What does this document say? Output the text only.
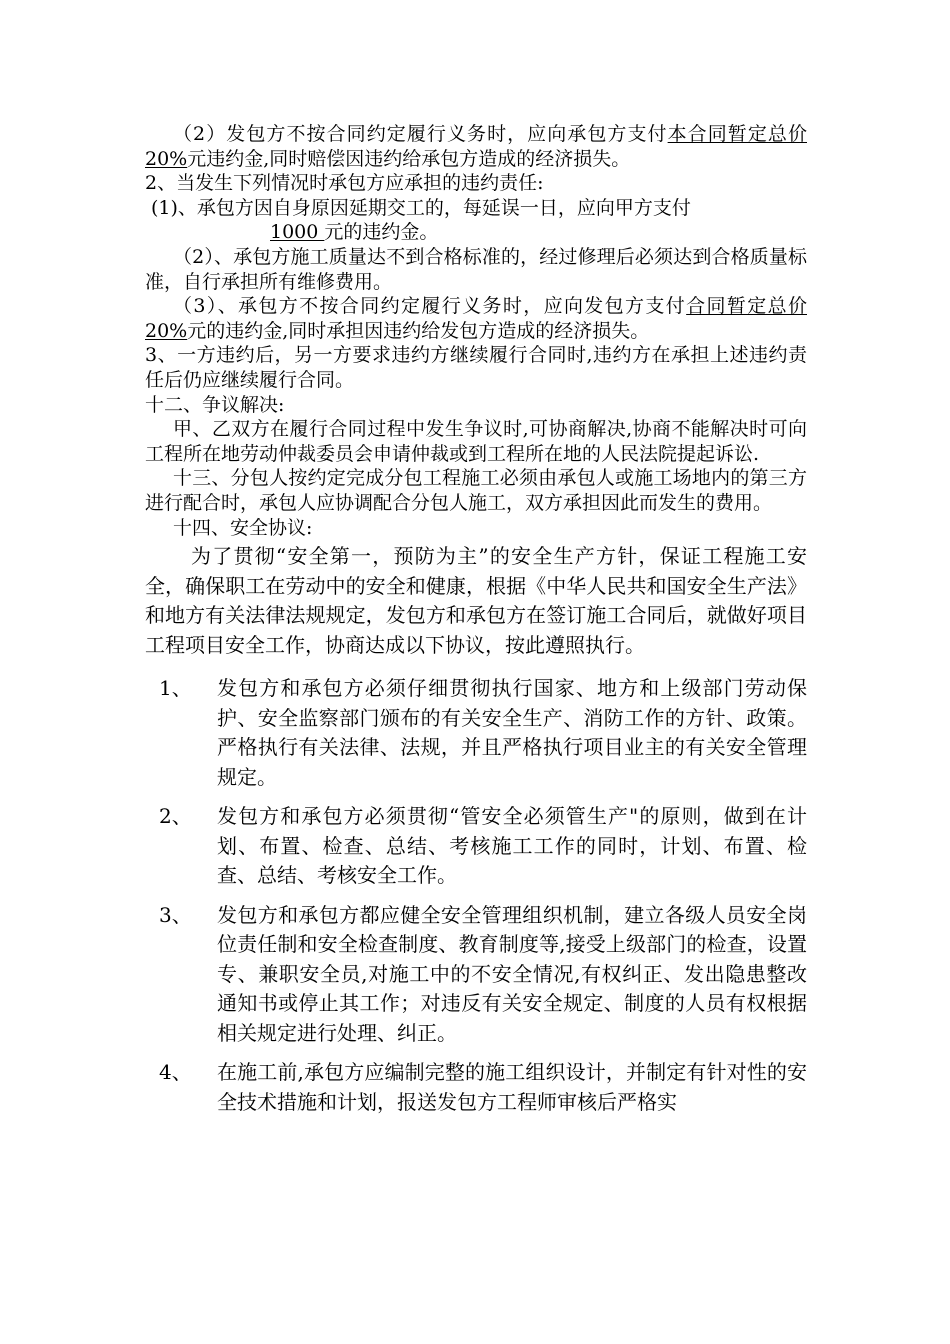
（2）发包方不按合同约定履行义务时，应向承包方支付本合同暂定总价 20%元违约金,同时赔偿因违约给承包方造成的经济损失。

2、当发生下列情况时承包方应承担的违约责任:

(1)、承包方因自身原因延期交工的，每延误一日，应向甲方支付

1000 元的违约金。

（2）、承包方施工质量达不到合格标准的，经过修理后必须达到合格质量标准，自行承担所有维修费用。

（3）、承包方不按合同约定履行义务时，应向发包方支付合同暂定总价 20%元的违约金,同时承担因违约给发包方造成的经济损失。

3、一方违约后，另一方要求违约方继续履行合同时,违约方在承担上述违约责任后仍应继续履行合同。

十二、争议解决:

甲、乙双方在履行合同过程中发生争议时,可协商解决,协商不能解决时可向工程所在地劳动仲裁委员会申请仲裁或到工程所在地的人民法院提起诉讼.

十三、分包人按约定完成分包工程施工必须由承包人或施工场地内的第三方进行配合时，承包人应协调配合分包人施工，双方承担因此而发生的费用。

十四、安全协议:

为了贯彻“安全第一，预防为主”的安全生产方针，保证工程施工安全，确保职工在劳动中的安全和健康，根据《中华人民共和国安全生产法》和地方有关法律法规规定，发包方和承包方在签订施工合同后，就做好项目工程项目安全工作，协商达成以下协议，按此遵照执行。

1、	发包方和承包方必须仔细贯彻执行国家、地方和上级部门劳动保护、安全监察部门颁布的有关安全生产、消防工作的方针、政策。严格执行有关法律、法规，并且严格执行项目业主的有关安全管理规定。
2、	发包方和承包方必须贯彻“管安全必须管生产"的原则，做到在计划、布置、检查、总结、考核施工工作的同时，计划、布置、检查、总结、考核安全工作。
3、	发包方和承包方都应健全安全管理组织机制，建立各级人员安全岗位责任制和安全检查制度、教育制度等,接受上级部门的检查，设置专、兼职安全员,对施工中的不安全情况,有权纠正、发出隐患整改通知书或停止其工作；对违反有关安全规定、制度的人员有权根据相关规定进行处理、纠正。
4、	在施工前,承包方应编制完整的施工组织设计，并制定有针对性的安全技术措施和计划，报送发包方工程师审核后严格实
